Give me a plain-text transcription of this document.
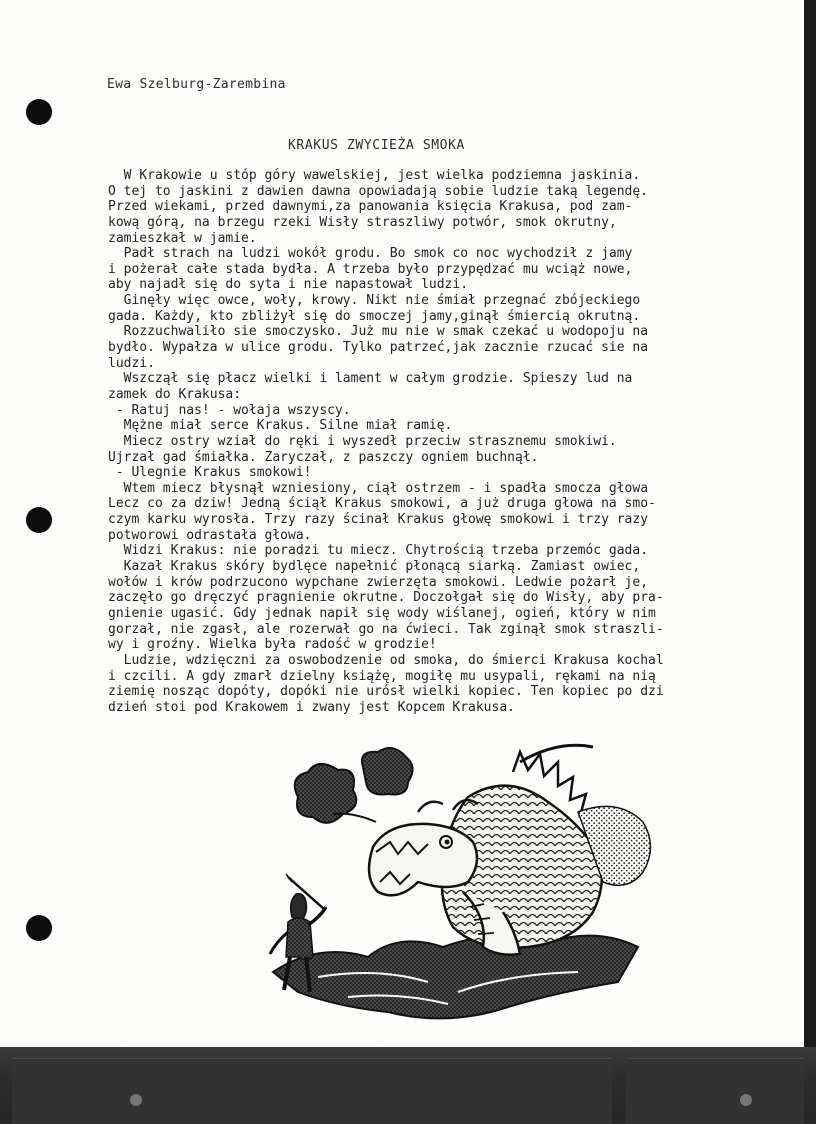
Ewa Szelburg-Zarembina
KRAKUS ZWYCIEŻA SMOKA
W Krakowie u stóp góry wawelskiej, jest wielka podziemna jaskinia.
O tej to jaskini z dawien dawna opowiadają sobie ludzie taką legendę.
Przed wiekami, przed dawnymi,za panowania księcia Krakusa, pod zam-
kową górą, na brzegu rzeki Wisły straszliwy potwór, smok okrutny,
zamieszkał w jamie.
Padł strach na ludzi wokół grodu. Bo smok co noc wychodził z jamy
i pożerał całe stada bydła. A trzeba było przypędzać mu wciąż nowe,
aby najadł się do syta i nie napastował ludzi.
Ginęły więc owce, woły, krowy. Nikt nie śmiał przegnać zbójeckiego
gada. Każdy, kto zbliżył się do smoczej jamy,ginął śmiercią okrutną.
Rozzuchwaliło sie smoczysko. Już mu nie w smak czekać u wodopoju na
bydło. Wypałza w ulice grodu. Tylko patrzeć,jak zacznie rzucać sie na
ludzi.
Wszczął się płacz wielki i lament w całym grodzie. Spieszy lud na
zamek do Krakusa:
- Ratuj nas! - wołaja wszyscy.
Mężne miał serce Krakus. Silne miał ramię.
Miecz ostry wział do ręki i wyszedł przeciw strasznemu smokiwi.
Ujrzał gad śmiałka. Zaryczał, z paszczy ogniem buchnął.
- Ulegnie Krakus smokowi!
Wtem miecz błysnął wzniesiony, ciął ostrzem - i spadła smocza głowa
Lecz co za dziw! Jedną ściął Krakus smokowi, a już druga głowa na smo-
czym karku wyrosła. Trzy razy ścinał Krakus głowę smokowi i trzy razy
potworowi odrastała głowa.
Widzi Krakus: nie poradzi tu miecz. Chytrością trzeba przemóc gada.
Kazał Krakus skóry bydlęce napełnić płonącą siarką. Zamiast owiec,
wołów i krów podrzucono wypchane zwierzęta smokowi. Ledwie pożarł je,
zaczęło go dręczyć pragnienie okrutne. Doczołgał się do Wisły, aby pra-
gnienie ugasić. Gdy jednak napił się wody wiślanej, ogień, który w nim
gorzał, nie zgasł, ale rozerwał go na ćwieci. Tak zginął smok straszli-
wy i groźny. Wielka była radość w grodzie!
Ludzie, wdzięczni za oswobodzenie od smoka, do śmierci Krakusa kochal
i czcili. A gdy zmarł dzielny książę, mogiłę mu usypali, rękami na nią
ziemię nosząc dopóty, dopóki nie urósł wielki kopiec. Ten kopiec po dzi
dzień stoi pod Krakowem i zwany jest Kopcem Krakusa.
